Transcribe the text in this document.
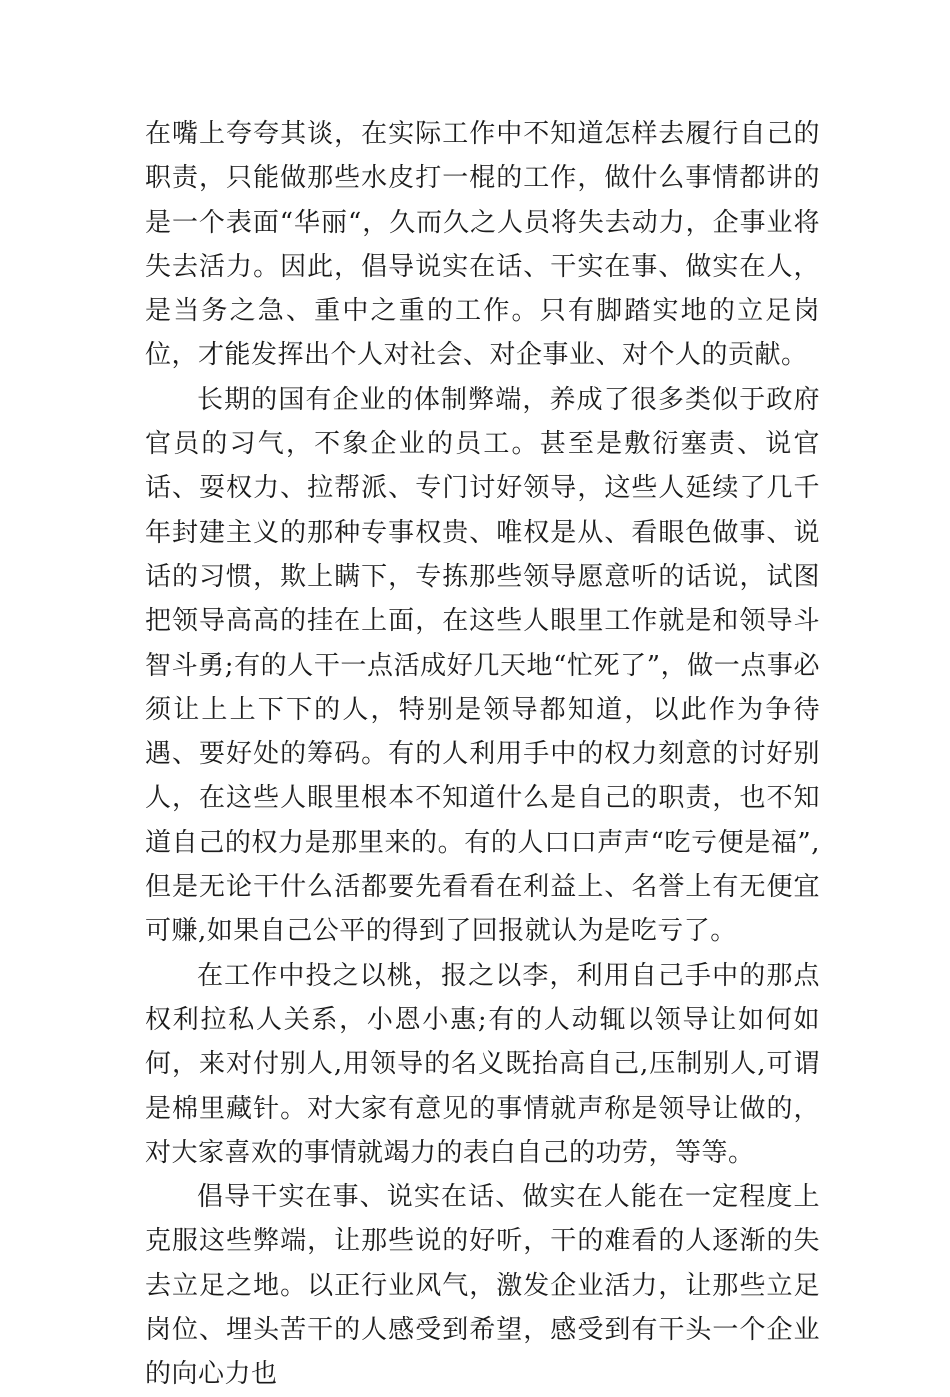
在嘴上夸夸其谈，在实际工作中不知道怎样去履行自己的职责，只能做那些水皮打一棍的工作，做什么事情都讲的是一个表面“华丽“，久而久之人员将失去动力，企事业将失去活力。因此，倡导说实在话、干实在事、做实在人，是当务之急、重中之重的工作。只有脚踏实地的立足岗位，才能发挥出个人对社会、对企事业、对个人的贡献。

长期的国有企业的体制弊端，养成了很多类似于政府官员的习气，不象企业的员工。甚至是敷衍塞责、说官话、耍权力、拉帮派、专门讨好领导，这些人延续了几千年封建主义的那种专事权贵、唯权是从、看眼色做事、说话的习惯，欺上瞒下，专拣那些领导愿意听的话说，试图把领导高高的挂在上面，在这些人眼里工作就是和领导斗智斗勇;有的人干一点活成好几天地“忙死了”，做一点事必须让上上下下的人，特别是领导都知道，以此作为争待遇、要好处的筹码。有的人利用手中的权力刻意的讨好别人，在这些人眼里根本不知道什么是自己的职责，也不知道自己的权力是那里来的。有的人口口声声“吃亏便是福”,但是无论干什么活都要先看看在利益上、名誉上有无便宜可赚,如果自己公平的得到了回报就认为是吃亏了。

在工作中投之以桃，报之以李，利用自己手中的那点权利拉私人关系，小恩小惠;有的人动辄以领导让如何如何，来对付别人,用领导的名义既抬高自己,压制别人,可谓是棉里藏针。对大家有意见的事情就声称是领导让做的，对大家喜欢的事情就竭力的表白自己的功劳，等等。

倡导干实在事、说实在话、做实在人能在一定程度上克服这些弊端，让那些说的好听，干的难看的人逐渐的失去立足之地。以正行业风气，激发企业活力，让那些立足岗位、埋头苦干的人感受到希望，感受到有干头一个企业的向心力也
